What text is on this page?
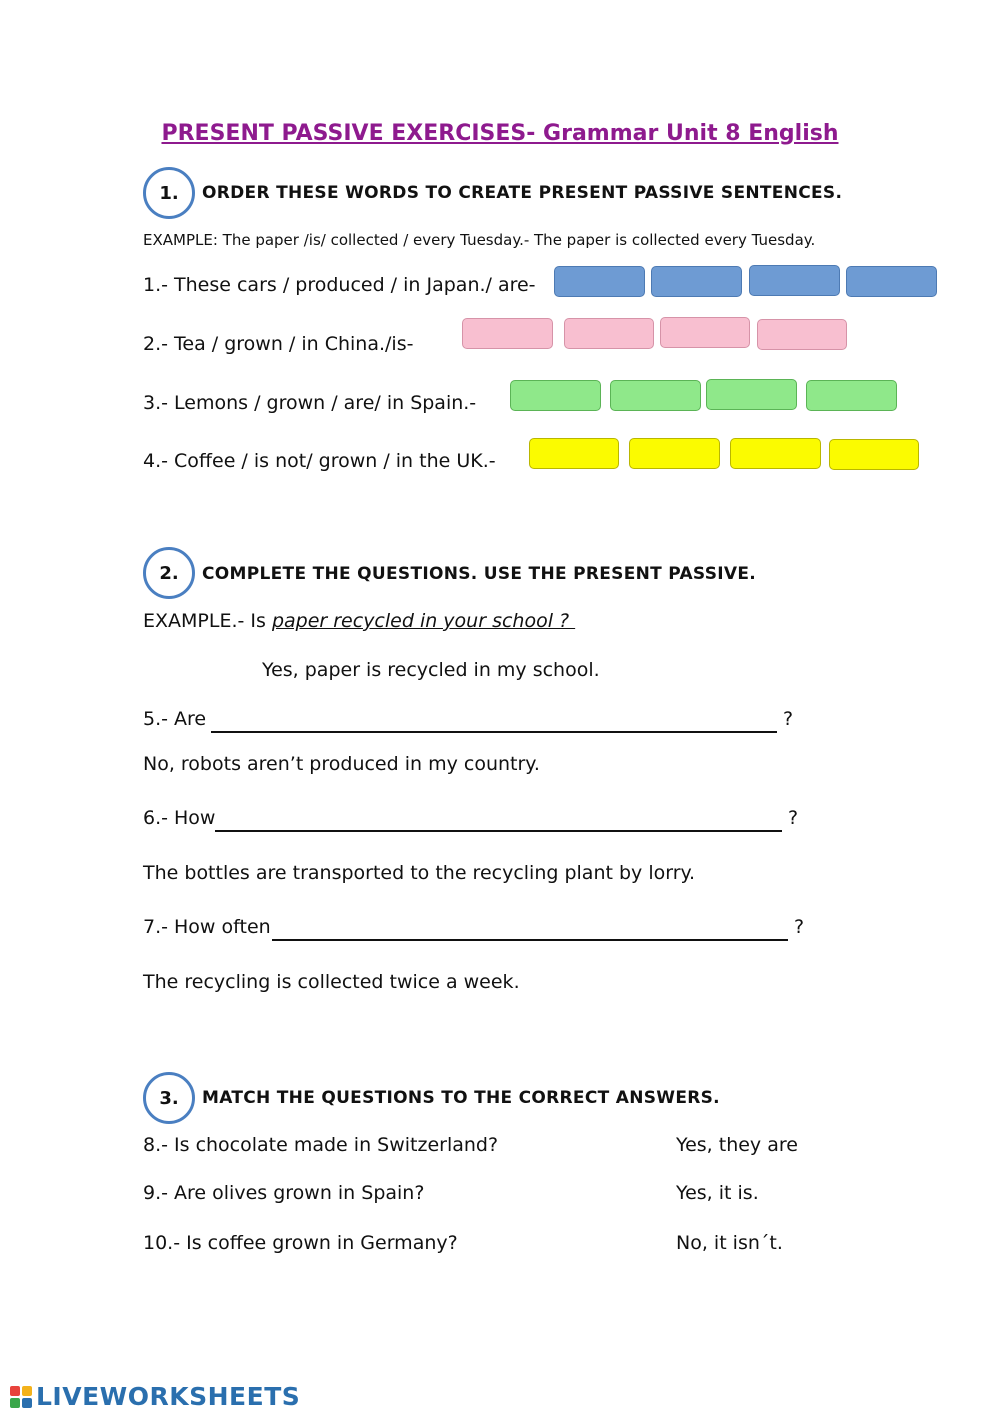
PRESENT PASSIVE EXERCISES- Grammar Unit 8 English
1.	ORDER THESE WORDS TO CREATE PRESENT PASSIVE SENTENCES.
EXAMPLE: The paper /is/ collected / every Tuesday.- The paper is collected every Tuesday.
1.- These cars / produced / in Japan./ are-
2.- Tea / grown / in China./is-
3.- Lemons / grown / are/ in Spain.-
4.- Coffee / is not/ grown / in the UK.-
2.	COMPLETE THE QUESTIONS. USE THE PRESENT PASSIVE.
EXAMPLE.- Is paper recycled in your school ?
Yes, paper is recycled in my school.
5.- Are	?
No, robots aren’t produced in my country.
6.- How	?
The bottles are transported to the recycling plant by lorry.
7.- How often	?
The recycling is collected twice a week.
3.	MATCH THE QUESTIONS TO THE CORRECT ANSWERS.
8.- Is chocolate made in Switzerland?	Yes, they are
9.- Are olives grown in Spain?	Yes, it is.
10.- Is coffee grown in Germany?	No, it isn´t.
LIVEWORKSHEETS
